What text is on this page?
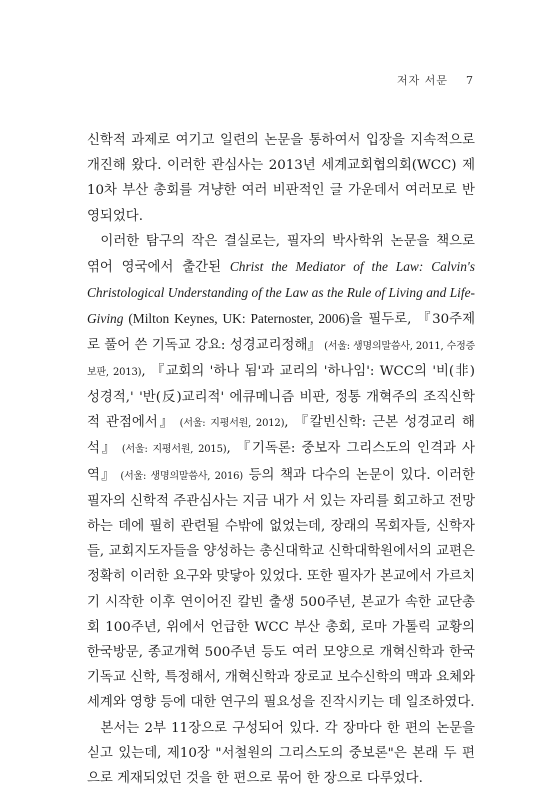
저자 서문 7

신학적 과제로 여기고 일련의 논문을 통하여서 입장을 지속적으로 개진해 왔다. 이러한 관심사는 2013년 세계교회협의회(WCC) 제10차 부산 총회를 겨냥한 여러 비판적인 글 가운데서 여러모로 반영되었다.

이러한 탐구의 작은 결실로는, 필자의 박사학위 논문을 책으로 엮어 영국에서 출간된 Christ the Mediator of the Law: Calvin's Christological Understanding of the Law as the Rule of Living and Life-Giving (Milton Keynes, UK: Paternoster, 2006)을 필두로, 『30주제로 풀어 쓴 기독교 강요: 성경교리정해』 (서울: 생명의말씀사, 2011, 수정증보판, 2013), 『교회의 '하나 됨'과 교리의 '하나임': WCC의 '비(非)성경적,' '반(反)교리적' 에큐메니즘 비판, 정통 개혁주의 조직신학적 관점에서』 (서울: 지평서원, 2012), 『칼빈신학: 근본 성경교리 해석』 (서울: 지평서원, 2015), 『기독론: 중보자 그리스도의 인격과 사역』 (서울: 생명의말씀사, 2016) 등의 책과 다수의 논문이 있다. 이러한 필자의 신학적 주관심사는 지금 내가 서 있는 자리를 회고하고 전망하는 데에 필히 관련될 수밖에 없었는데, 장래의 목회자들, 신학자들, 교회지도자들을 양성하는 총신대학교 신학대학원에서의 교편은 정확히 이러한 요구와 맞닿아 있었다. 또한 필자가 본교에서 가르치기 시작한 이후 연이어진 칼빈 출생 500주년, 본교가 속한 교단총회 100주년, 위에서 언급한 WCC 부산 총회, 로마 가톨릭 교황의 한국방문, 종교개혁 500주년 등도 여러 모양으로 개혁신학과 한국 기독교 신학, 특정해서, 개혁신학과 장로교 보수신학의 맥과 요체와 세계와 영향 등에 대한 연구의 필요성을 진작시키는 데 일조하였다.

본서는 2부 11장으로 구성되어 있다. 각 장마다 한 편의 논문을 싣고 있는데, 제10장 "서철원의 그리스도의 중보론"은 본래 두 편으로 게재되었던 것을 한 편으로 묶어 한 장으로 다루었다.
